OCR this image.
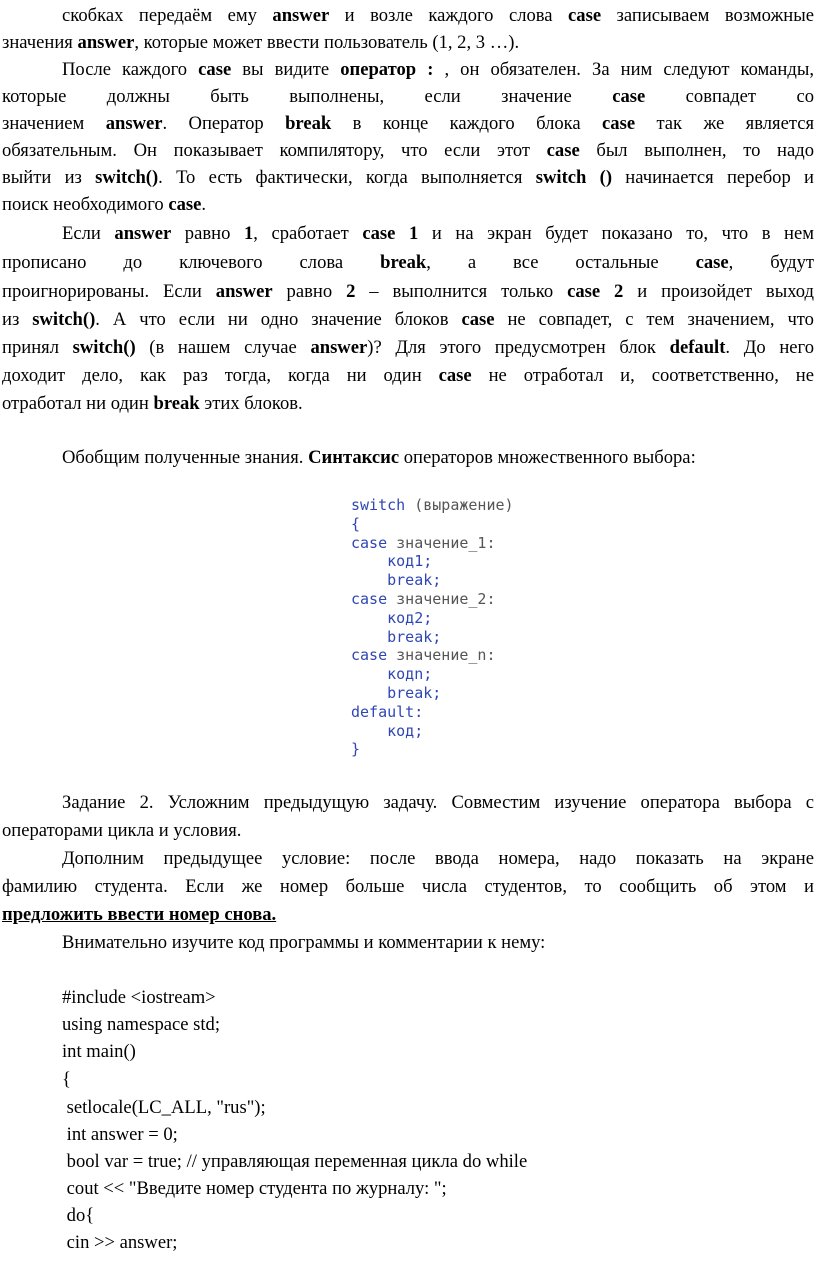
скобках передаём ему answer и возле каждого слова case записываем возможные
значения answer, которые может ввести пользователь (1, 2, 3 …).
После каждого case вы видите оператор : , он обязателен. За ним следуют команды,
которые должны быть выполнены, если значение case совпадет со
значением answer. Оператор break в конце каждого блока case так же является
обязательным. Он показывает компилятору, что если этот case был выполнен, то надо
выйти из switch(). То есть фактически, когда выполняется switch () начинается перебор и
поиск необходимого case.
Если answer равно 1, сработает case 1 и на экран будет показано то, что в нем
прописано до ключевого слова break, а все остальные case, будут
проигнорированы. Если answer равно 2 – выполнится только case 2 и произойдет выход
из switch(). А что если ни одно значение блоков case не совпадет, с тем значением, что
принял switch() (в нашем случае answer)? Для этого предусмотрен блок default. До него
доходит дело, как раз тогда, когда ни один case не отработал и, соответственно, не
отработал ни один break этих блоков.
Обобщим полученные знания. Синтаксис операторов множественного выбора:
switch (выражение)
{
case значение_1:
код1;
break;
case значение_2:
код2;
break;
case значение_n:
кодn;
break;
default:
код;
}
Задание 2. Усложним предыдущую задачу. Совместим изучение оператора выбора с
операторами цикла и условия.
Дополним предыдущее условие: после ввода номера, надо показать на экране
фамилию студента. Если же номер больше числа студентов, то сообщить об этом и
предложить ввести номер снова.
Внимательно изучите код программы и комментарии к нему:
#include <iostream>
using namespace std;
int main()
{
setlocale(LC_ALL, "rus");
int answer = 0;
bool var = true; // управляющая переменная цикла do while
cout << "Введите номер студента по журналу: ";
do{
cin >> answer;
